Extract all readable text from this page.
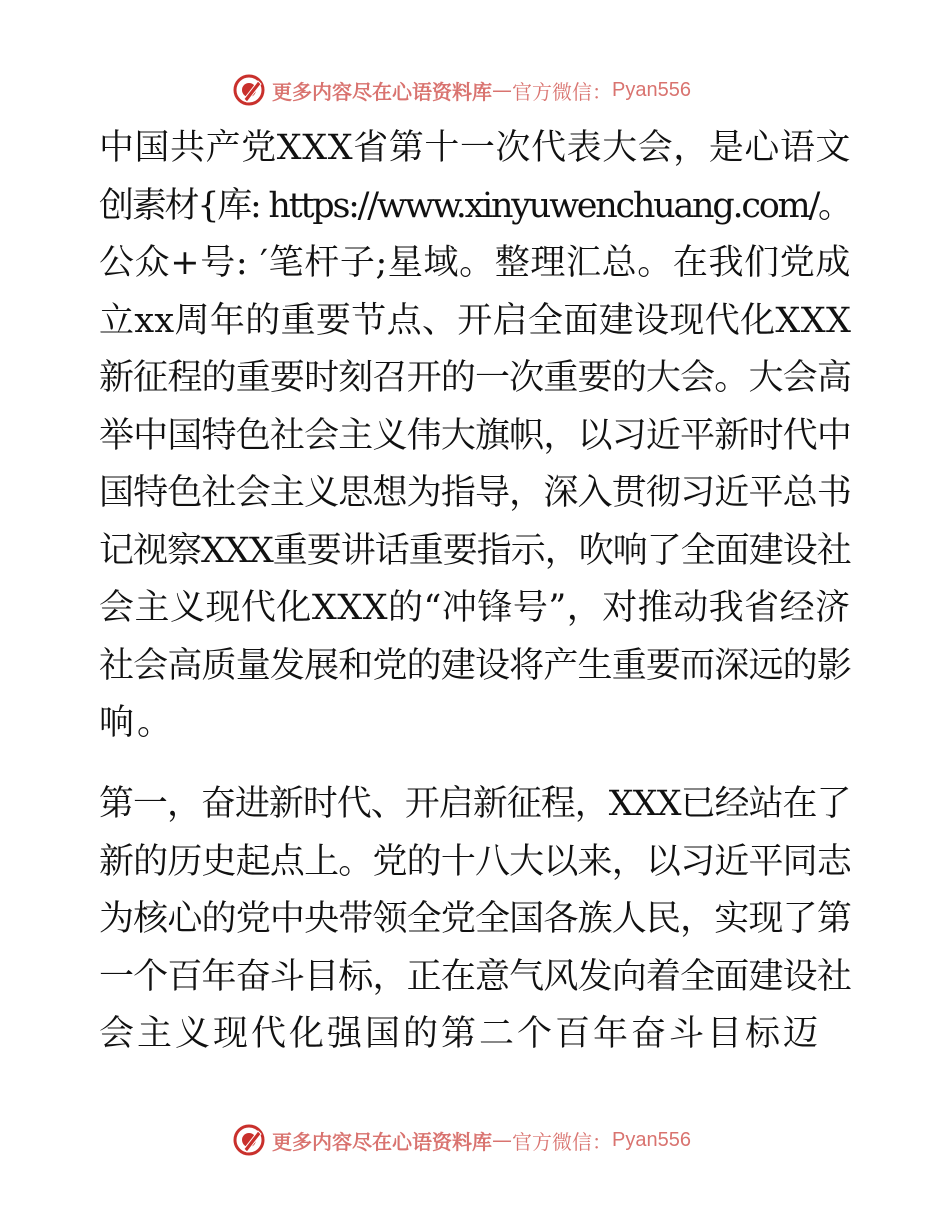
更多内容尽在心语资料库 — 官方微信： Pyan556
中国共产党XXX省第十一次代表大会，是心语文
创素材{库: https://www.xinyuwenchuang.com/。
公众+号: ′笔杆子;星域。整理汇总。在我们党成
立xx周年的重要节点、开启全面建设现代化XXX
新征程的重要时刻召开的一次重要的大会。大会高
举中国特色社会主义伟大旗帜，以习近平新时代中
国特色社会主义思想为指导，深入贯彻习近平总书
记视察XXX重要讲话重要指示，吹响了全面建设社
会主义现代化XXX的“冲锋号”，对推动我省经济
社会高质量发展和党的建设将产生重要而深远的影
响。
第一，奋进新时代、开启新征程，XXX已经站在了
新的历史起点上。党的十八大以来，以习近平同志
为核心的党中央带领全党全国各族人民，实现了第
一个百年奋斗目标，正在意气风发向着全面建设社
会主义现代化强国的第二个百年奋斗目标迈
更多内容尽在心语资料库 — 官方微信： Pyan556
